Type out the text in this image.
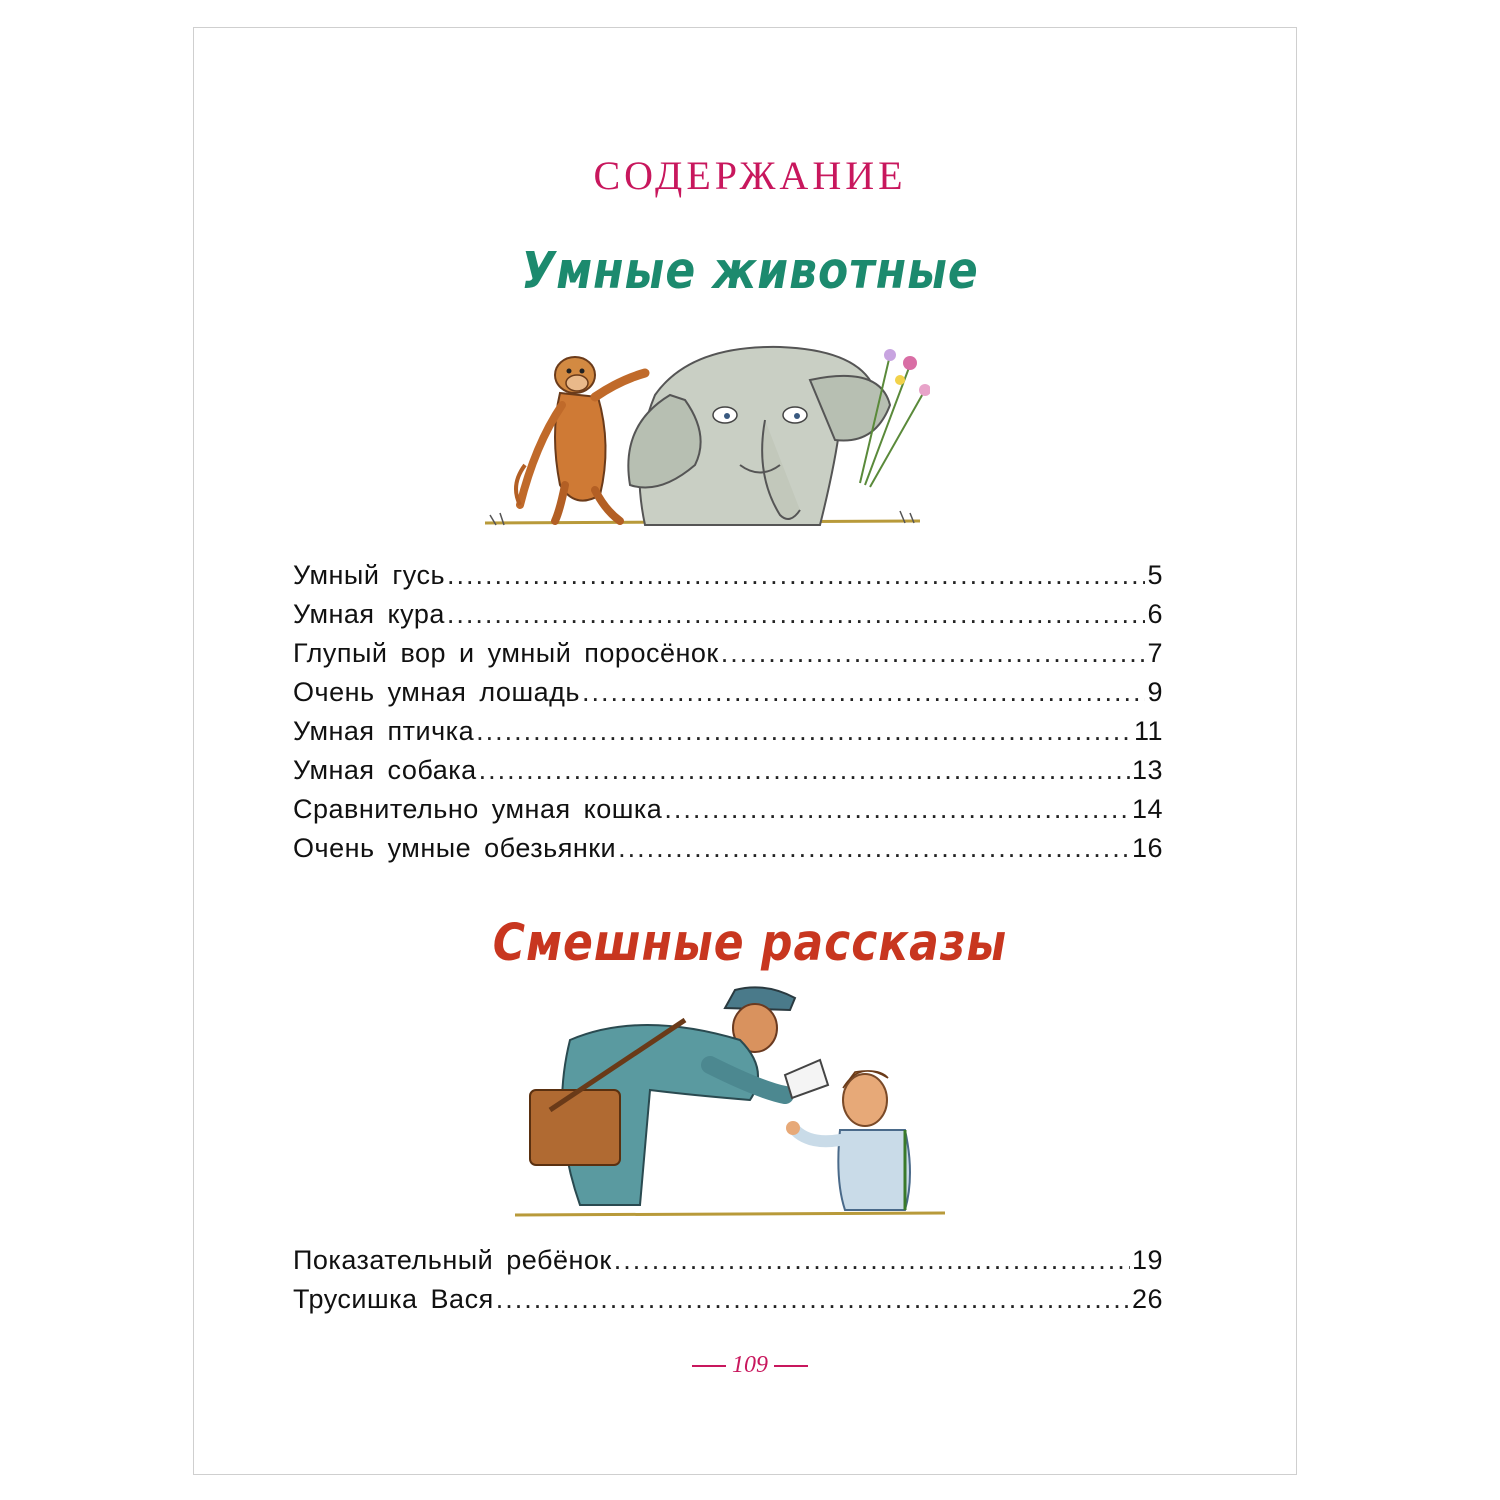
СОДЕРЖАНИЕ
Умные животные
Умный гусь .....	5
Умная кура .....	6
Глупый вор и умный поросёнок .....	7
Очень умная лошадь .....	9
Умная птичка .....	11
Умная собака .....	13
Сравнительно умная кошка .....	14
Очень умные обезьянки .....	16
Смешные рассказы
Показательный ребёнок .....	19
Трусишка Вася .....	26
109
